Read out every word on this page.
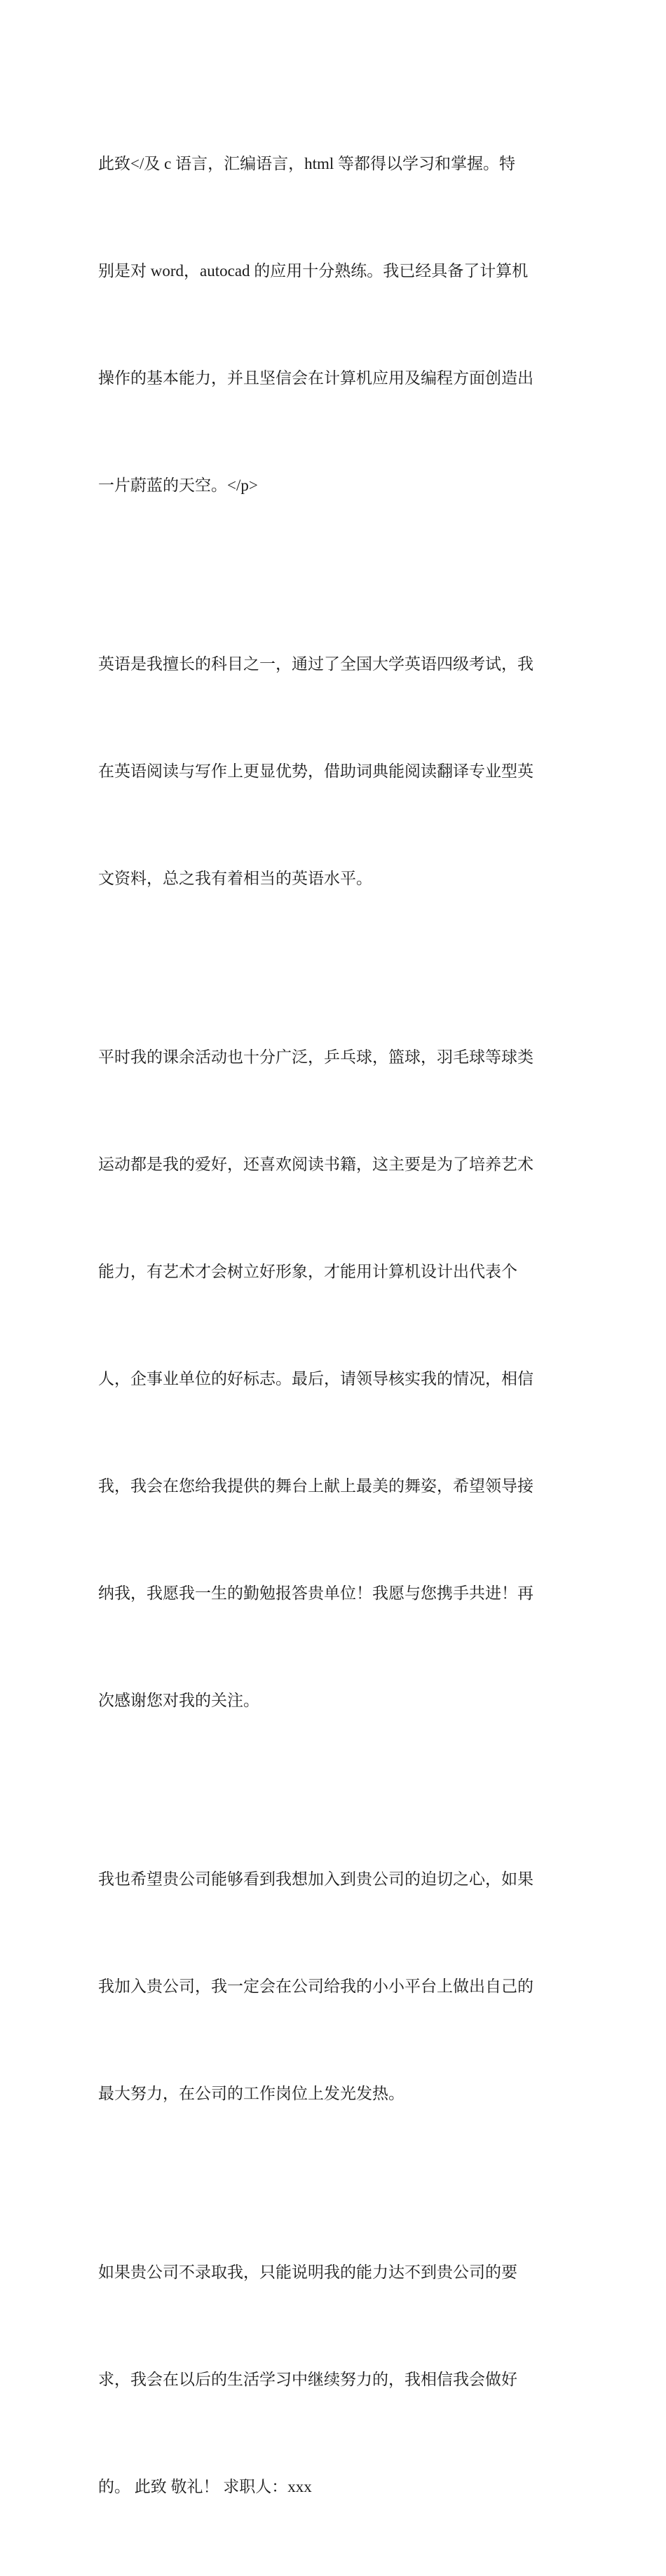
此致</及 c 语言，汇编语言，html 等都得以学习和掌握。特

别是对 word，autocad 的应用十分熟练。我已经具备了计算机

操作的基本能力，并且坚信会在计算机应用及编程方面创造出

一片蔚蓝的天空。</p>

英语是我擅长的科目之一，通过了全国大学英语四级考试，我

在英语阅读与写作上更显优势，借助词典能阅读翻译专业型英

文资料，总之我有着相当的英语水平。

平时我的课余活动也十分广泛，乒乓球，篮球，羽毛球等球类

运动都是我的爱好，还喜欢阅读书籍，这主要是为了培养艺术

能力，有艺术才会树立好形象，才能用计算机设计出代表个

人，企事业单位的好标志。最后，请领导核实我的情况，相信

我，我会在您给我提供的舞台上献上最美的舞姿，希望领导接

纳我，我愿我一生的勤勉报答贵单位！我愿与您携手共进！再

次感谢您对我的关注。

我也希望贵公司能够看到我想加入到贵公司的迫切之心，如果

我加入贵公司，我一定会在公司给我的小小平台上做出自己的

最大努力，在公司的工作岗位上发光发热。

如果贵公司不录取我，只能说明我的能力达不到贵公司的要

求，我会在以后的生活学习中继续努力的，我相信我会做好

的。 此致 敬礼！ 求职人：xxx
